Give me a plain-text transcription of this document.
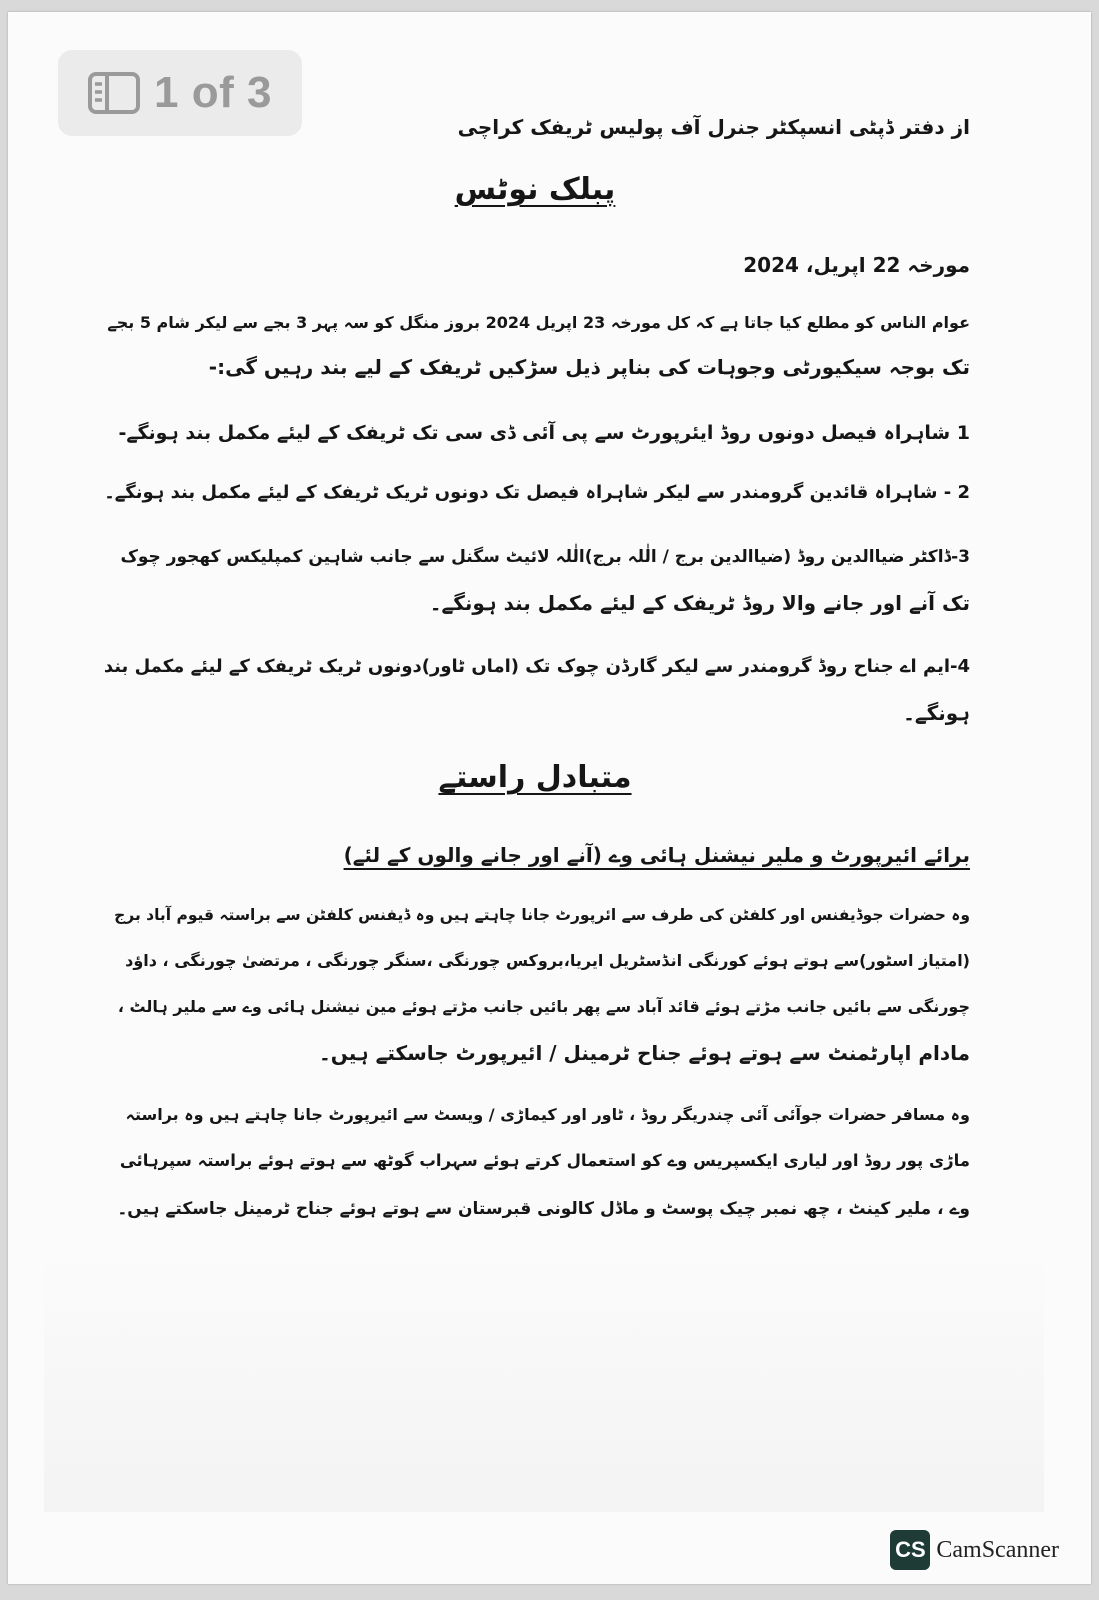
1 of 3
از دفتر ڈپٹی انسپکٹر جنرل آف پولیس ٹریفک کراچی
پبلک نوٹس
مورخہ 22 اپریل، 2024
عوام الناس کو مطلع کیا جاتا ہے کہ کل مورخہ 23 اپریل 2024 بروز منگل کو سہ پہر 3 بجے سے لیکر شام 5 بجے
تک بوجہ سیکیورٹی وجوہات کی بناپر ذیل سڑکیں ٹریفک کے لیے بند رہیں گی:-
1 شاہراہ فیصل دونوں روڈ ایئرپورٹ سے پی آئی ڈی سی تک ٹریفک کے لیئے مکمل بند ہونگے-
2 - شاہراہ قائدین گرومندر سے لیکر شاہراہ فیصل تک دونوں ٹریک ٹریفک کے لیئے مکمل بند ہونگے۔
3-ڈاکٹر ضیاالدین روڈ (ضیاالدین برج / الٰلہ برج)الٰلہ لائیٹ سگنل سے جانب شاہین کمپلیکس کھجور چوک
تک آنے اور جانے والا روڈ ٹریفک کے لیئے مکمل بند ہونگے۔
4-ایم اے جناح روڈ گرومندر سے لیکر گارڈن چوک تک (اماں ٹاور)دونوں ٹریک ٹریفک کے لیئے مکمل بند
ہونگے۔
متبادل راستے
برائے ائیرپورٹ و ملیر نیشنل ہائی وے (آنے اور جانے والوں کے لئے)
وہ حضرات جوڈیفنس اور کلفٹن کی طرف سے ائرپورٹ جانا چاہتے ہیں وہ ڈیفنس کلفٹن سے براستہ قیوم آباد برج
(امتیاز اسٹور)سے ہوتے ہوئے کورنگی انڈسٹریل ایریا،بروکس چورنگی ،سنگر چورنگی ، مرتضیٰ چورنگی ، داؤد
چورنگی سے بائیں جانب مڑتے ہوئے قائد آباد سے پھر بائیں جانب مڑتے ہوئے مین نیشنل ہائی وے سے ملیر ہالٹ ،
مادام اپارٹمنٹ سے ہوتے ہوئے جناح ٹرمینل / ائیرپورٹ جاسکتے ہیں۔
وہ مسافر حضرات جوآئی آئی چندریگر روڈ ، ٹاور اور کیماڑی / ویسٹ سے ائیرپورٹ جانا چاہتے ہیں وہ براستہ
ماڑی پور روڈ اور لیاری ایکسپریس وے کو استعمال کرتے ہوئے سہراب گوٹھ سے ہوتے ہوئے براستہ سپرہائی
وے ، ملیر کینٹ ، چھ نمبر چیک پوسٹ و ماڈل کالونی قبرستان سے ہوتے ہوئے جناح ٹرمینل جاسکتے ہیں۔
CS CamScanner
